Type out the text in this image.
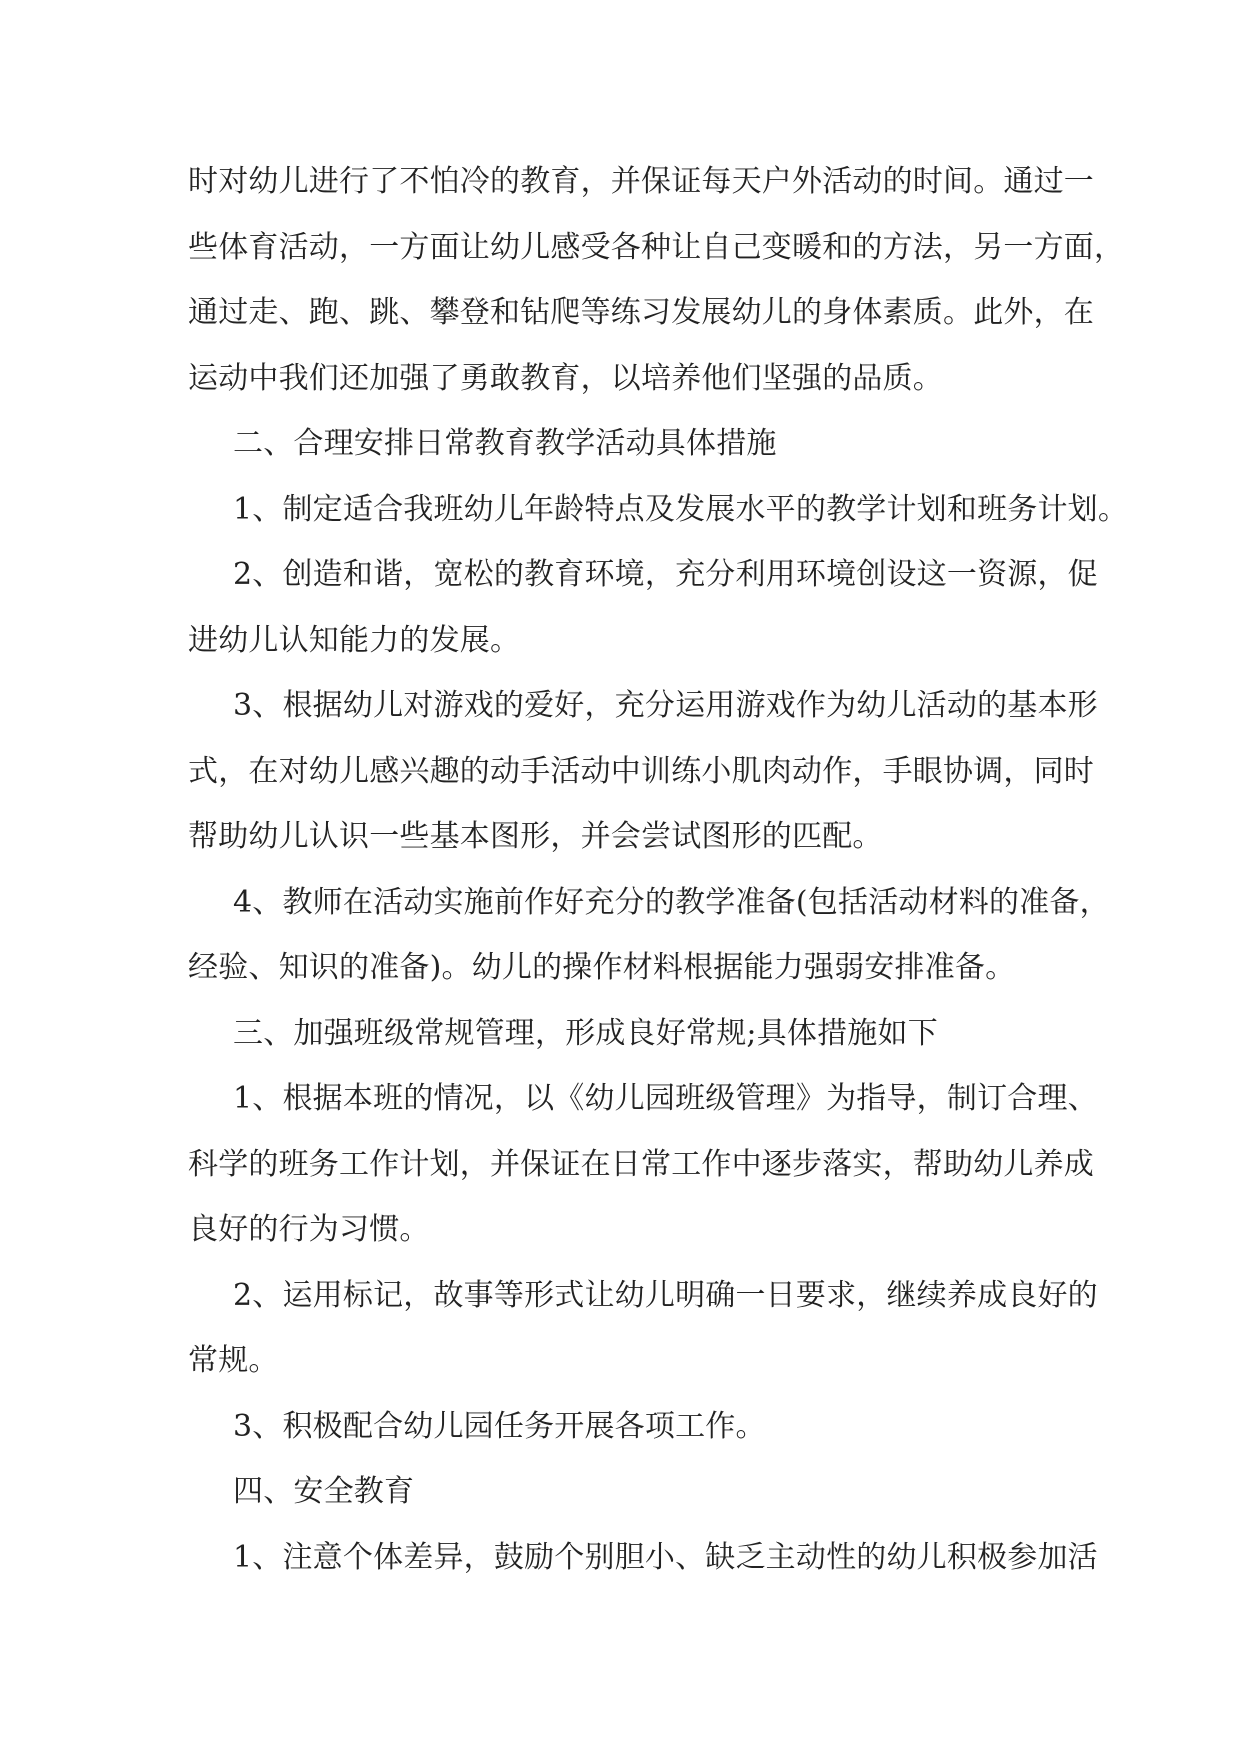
时对幼儿进行了不怕冷的教育，并保证每天户外活动的时间。通过一
些体育活动，一方面让幼儿感受各种让自己变暖和的方法，另一方面，
通过走、跑、跳、攀登和钻爬等练习发展幼儿的身体素质。此外，在
运动中我们还加强了勇敢教育，以培养他们坚强的品质。
二、合理安排日常教育教学活动具体措施
1、制定适合我班幼儿年龄特点及发展水平的教学计划和班务计划。
2、创造和谐，宽松的教育环境，充分利用环境创设这一资源，促
进幼儿认知能力的发展。
3、根据幼儿对游戏的爱好，充分运用游戏作为幼儿活动的基本形
式，在对幼儿感兴趣的动手活动中训练小肌肉动作，手眼协调，同时
帮助幼儿认识一些基本图形，并会尝试图形的匹配。
4、教师在活动实施前作好充分的教学准备(包括活动材料的准备，
经验、知识的准备)。幼儿的操作材料根据能力强弱安排准备。
三、加强班级常规管理，形成良好常规;具体措施如下
1、根据本班的情况，以《幼儿园班级管理》为指导，制订合理、
科学的班务工作计划，并保证在日常工作中逐步落实，帮助幼儿养成
良好的行为习惯。
2、运用标记，故事等形式让幼儿明确一日要求，继续养成良好的
常规。
3、积极配合幼儿园任务开展各项工作。
四、安全教育
1、注意个体差异，鼓励个别胆小、缺乏主动性的幼儿积极参加活
